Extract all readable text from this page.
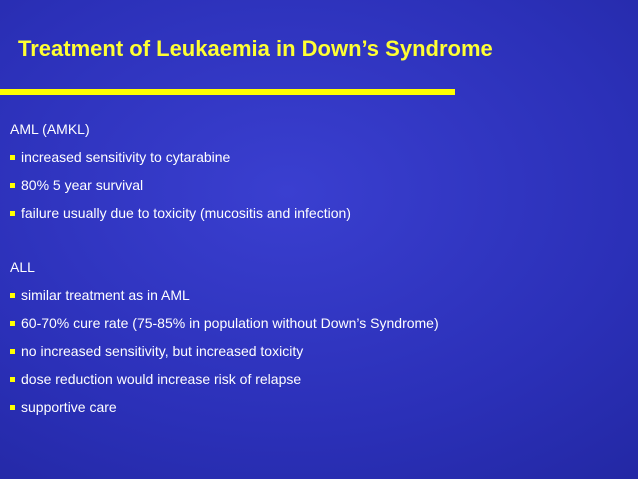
Treatment of Leukaemia in Down’s Syndrome
AML (AMKL)
increased sensitivity to cytarabine
80% 5 year survival
failure usually due to toxicity (mucositis and infection)
ALL
similar treatment as in AML
60-70% cure rate (75-85% in population without Down’s Syndrome)
no increased sensitivity, but increased toxicity
dose reduction would increase risk of relapse
supportive care
